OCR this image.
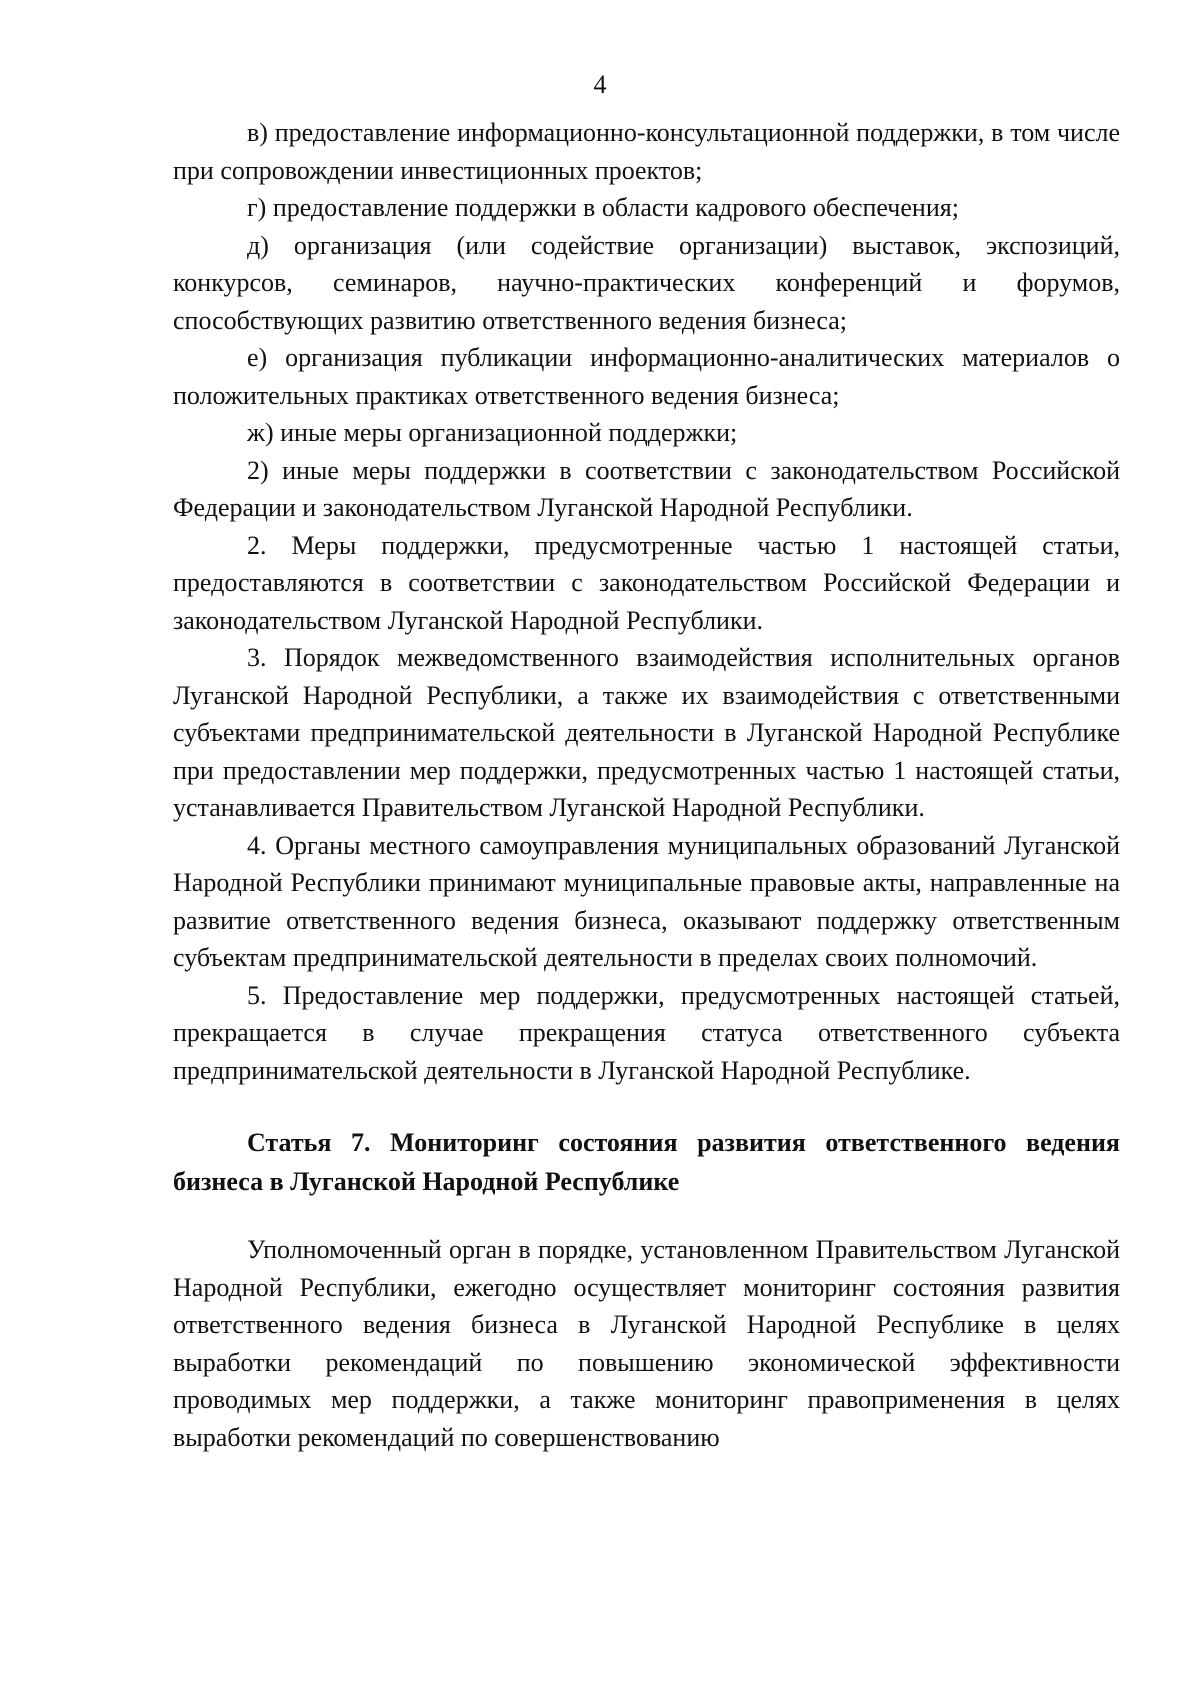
4

в) предоставление информационно-консультационной поддержки, в том числе при сопровождении инвестиционных проектов;

г) предоставление поддержки в области кадрового обеспечения;

д) организация (или содействие организации) выставок, экспозиций, конкурсов, семинаров, научно-практических конференций и форумов, способствующих развитию ответственного ведения бизнеса;

е) организация публикации информационно-аналитических материалов о положительных практиках ответственного ведения бизнеса;

ж) иные меры организационной поддержки;

2) иные меры поддержки в соответствии с законодательством Российской Федерации и законодательством Луганской Народной Республики.

2. Меры поддержки, предусмотренные частью 1 настоящей статьи, предоставляются в соответствии с законодательством Российской Федерации и законодательством Луганской Народной Республики.

3. Порядок межведомственного взаимодействия исполнительных органов Луганской Народной Республики, а также их взаимодействия с ответственными субъектами предпринимательской деятельности в Луганской Народной Республике при предоставлении мер поддержки, предусмотренных частью 1 настоящей статьи, устанавливается Правительством Луганской Народной Республики.

4. Органы местного самоуправления муниципальных образований Луганской Народной Республики принимают муниципальные правовые акты, направленные на развитие ответственного ведения бизнеса, оказывают поддержку ответственным субъектам предпринимательской деятельности в пределах своих полномочий.

5. Предоставление мер поддержки, предусмотренных настоящей статьей, прекращается в случае прекращения статуса ответственного субъекта предпринимательской деятельности в Луганской Народной Республике.

Статья 7. Мониторинг состояния развития ответственного ведения бизнеса в Луганской Народной Республике

Уполномоченный орган в порядке, установленном Правительством Луганской Народной Республики, ежегодно осуществляет мониторинг состояния развития ответственного ведения бизнеса в Луганской Народной Республике в целях выработки рекомендаций по повышению экономической эффективности проводимых мер поддержки, а также мониторинг правоприменения в целях выработки рекомендаций по совершенствованию
